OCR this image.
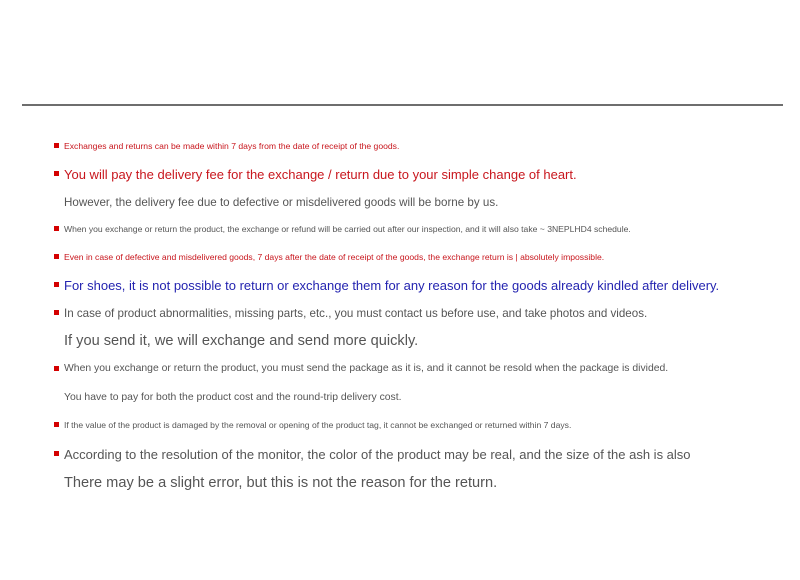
Exchanges and returns can be made within 7 days from the date of receipt of the goods.
You will pay the delivery fee for the exchange / return due to your simple change of heart.
However, the delivery fee due to defective or misdelivered goods will be borne by us.
When you exchange or return the product, the exchange or refund will be carried out after our inspection, and it will also take ~ 3NEPLHD4 schedule.
Even in case of defective and misdelivered goods, 7 days after the date of receipt of the goods, the exchange return is | absolutely impossible.
For shoes, it is not possible to return or exchange them for any reason for the goods already kindled after delivery.
In case of product abnormalities, missing parts, etc., you must contact us before use, and take photos and videos.
If you send it, we will exchange and send more quickly.
When you exchange or return the product, you must send the package as it is, and it cannot be resold when the package is divided.
You have to pay for both the product cost and the round-trip delivery cost.
If the value of the product is damaged by the removal or opening of the product tag, it cannot be exchanged or returned within 7 days.
According to the resolution of the monitor, the color of the product may be real, and the size of the ash is also
There may be a slight error, but this is not the reason for the return.
